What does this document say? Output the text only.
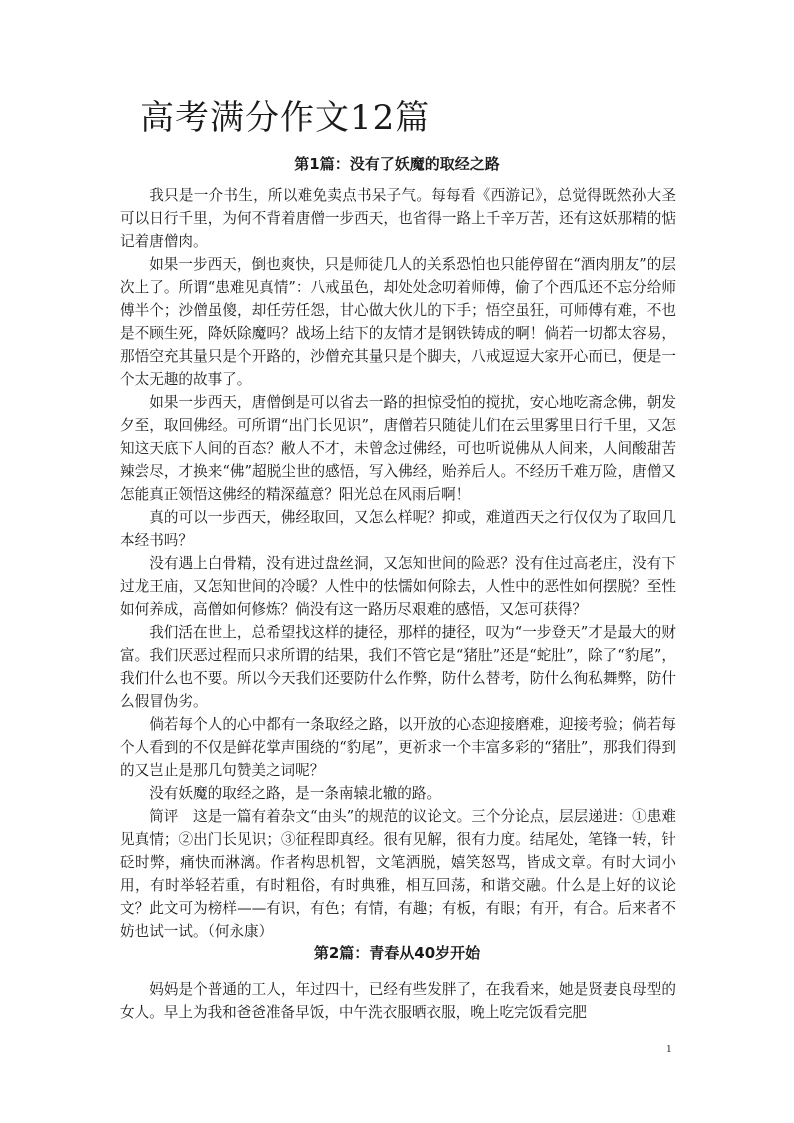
高考满分作文12篇
第1篇：没有了妖魔的取经之路

我只是一介书生，所以难免卖点书呆子气。每每看《西游记》，总觉得既然孙大圣可以日行千里，为何不背着唐僧一步西天，也省得一路上千辛万苦，还有这妖那精的惦记着唐僧肉。

如果一步西天，倒也爽快，只是师徒几人的关系恐怕也只能停留在“酒肉朋友”的层次上了。所谓“患难见真情”：八戒虽色，却处处念叨着师傅，偷了个西瓜还不忘分给师傅半个；沙僧虽傻，却任劳任怨，甘心做大伙儿的下手；悟空虽狂，可师傅有难，不也是不顾生死，降妖除魔吗？战场上结下的友情才是钢铁铸成的啊！倘若一切都太容易，那悟空充其量只是个开路的，沙僧充其量只是个脚夫，八戒逗逗大家开心而已，便是一个太无趣的故事了。

如果一步西天，唐僧倒是可以省去一路的担惊受怕的搅扰，安心地吃斋念佛，朝发夕至，取回佛经。可所谓“出门长见识”，唐僧若只随徒儿们在云里雾里日行千里，又怎知这天底下人间的百态？敝人不才，未曾念过佛经，可也听说佛从人间来，人间酸甜苦辣尝尽，才换来“佛”超脱尘世的感悟，写入佛经，贻养后人。不经历千难万险，唐僧又怎能真正领悟这佛经的精深蕴意？阳光总在风雨后啊！

真的可以一步西天，佛经取回，又怎么样呢？抑或，难道西天之行仅仅为了取回几本经书吗？

没有遇上白骨精，没有进过盘丝洞，又怎知世间的险恶？没有住过高老庄，没有下过龙王庙，又怎知世间的冷暖？人性中的怯懦如何除去，人性中的恶性如何摆脱？至性如何养成，高僧如何修炼？倘没有这一路历尽艰难的感悟，又怎可获得？

我们活在世上，总希望找这样的捷径，那样的捷径，叹为“一步登天”才是最大的财富。我们厌恶过程而只求所谓的结果，我们不管它是“猪肚”还是“蛇肚”，除了“豹尾”，我们什么也不要。所以今天我们还要防什么作弊，防什么替考，防什么徇私舞弊，防什么假冒伪劣。

倘若每个人的心中都有一条取经之路，以开放的心态迎接磨难，迎接考验；倘若每个人看到的不仅是鲜花掌声围绕的“豹尾”，更祈求一个丰富多彩的“猪肚”，那我们得到的又岂止是那几句赞美之词呢？

没有妖魔的取经之路，是一条南辕北辙的路。

简评　这是一篇有着杂文“由头”的规范的议论文。三个分论点，层层递进：①患难见真情；②出门长见识；③征程即真经。很有见解，很有力度。结尾处，笔锋一转，针砭时弊，痛快而淋漓。作者构思机智，文笔洒脱，嬉笑怒骂，皆成文章。有时大词小用，有时举轻若重，有时粗俗，有时典雅，相互回荡，和谐交融。什么是上好的议论文？此文可为榜样——有识，有色；有情，有趣；有板，有眼；有开，有合。后来者不妨也试一试。（何永康）

第2篇：青春从40岁开始

妈妈是个普通的工人，年过四十，已经有些发胖了，在我看来，她是贤妻良母型的女人。早上为我和爸爸准备早饭，中午洗衣服晒衣服，晚上吃完饭看完肥

1
